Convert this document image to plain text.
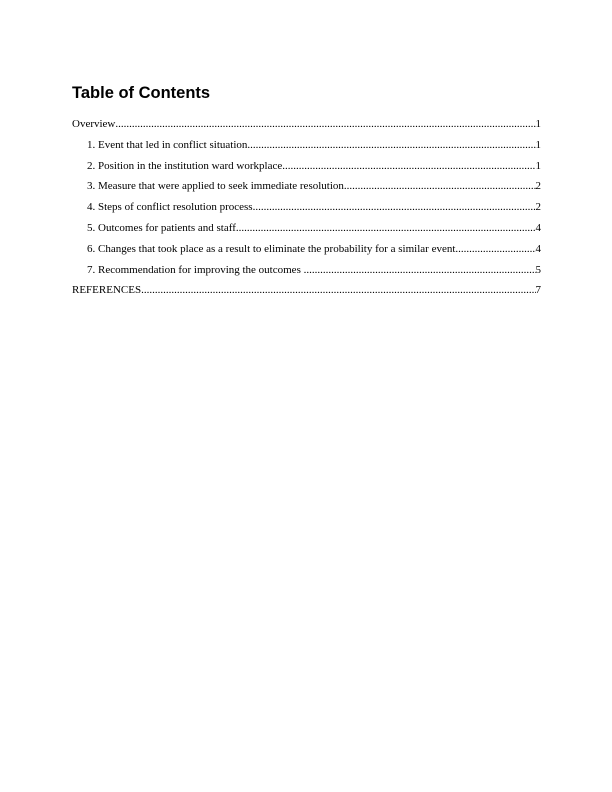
Table of Contents
Overview .....	1
1. Event that led in conflict situation .....	1
2. Position in the institution ward workplace .....	1
3. Measure that were applied to seek immediate resolution .....	2
4. Steps of conflict resolution process .....	2
5. Outcomes for patients and staff .....	4
6. Changes that took place as a result to eliminate the probability for a similar event .....	4
7. Recommendation for improving the outcomes .....	5
REFERENCES .....	7
